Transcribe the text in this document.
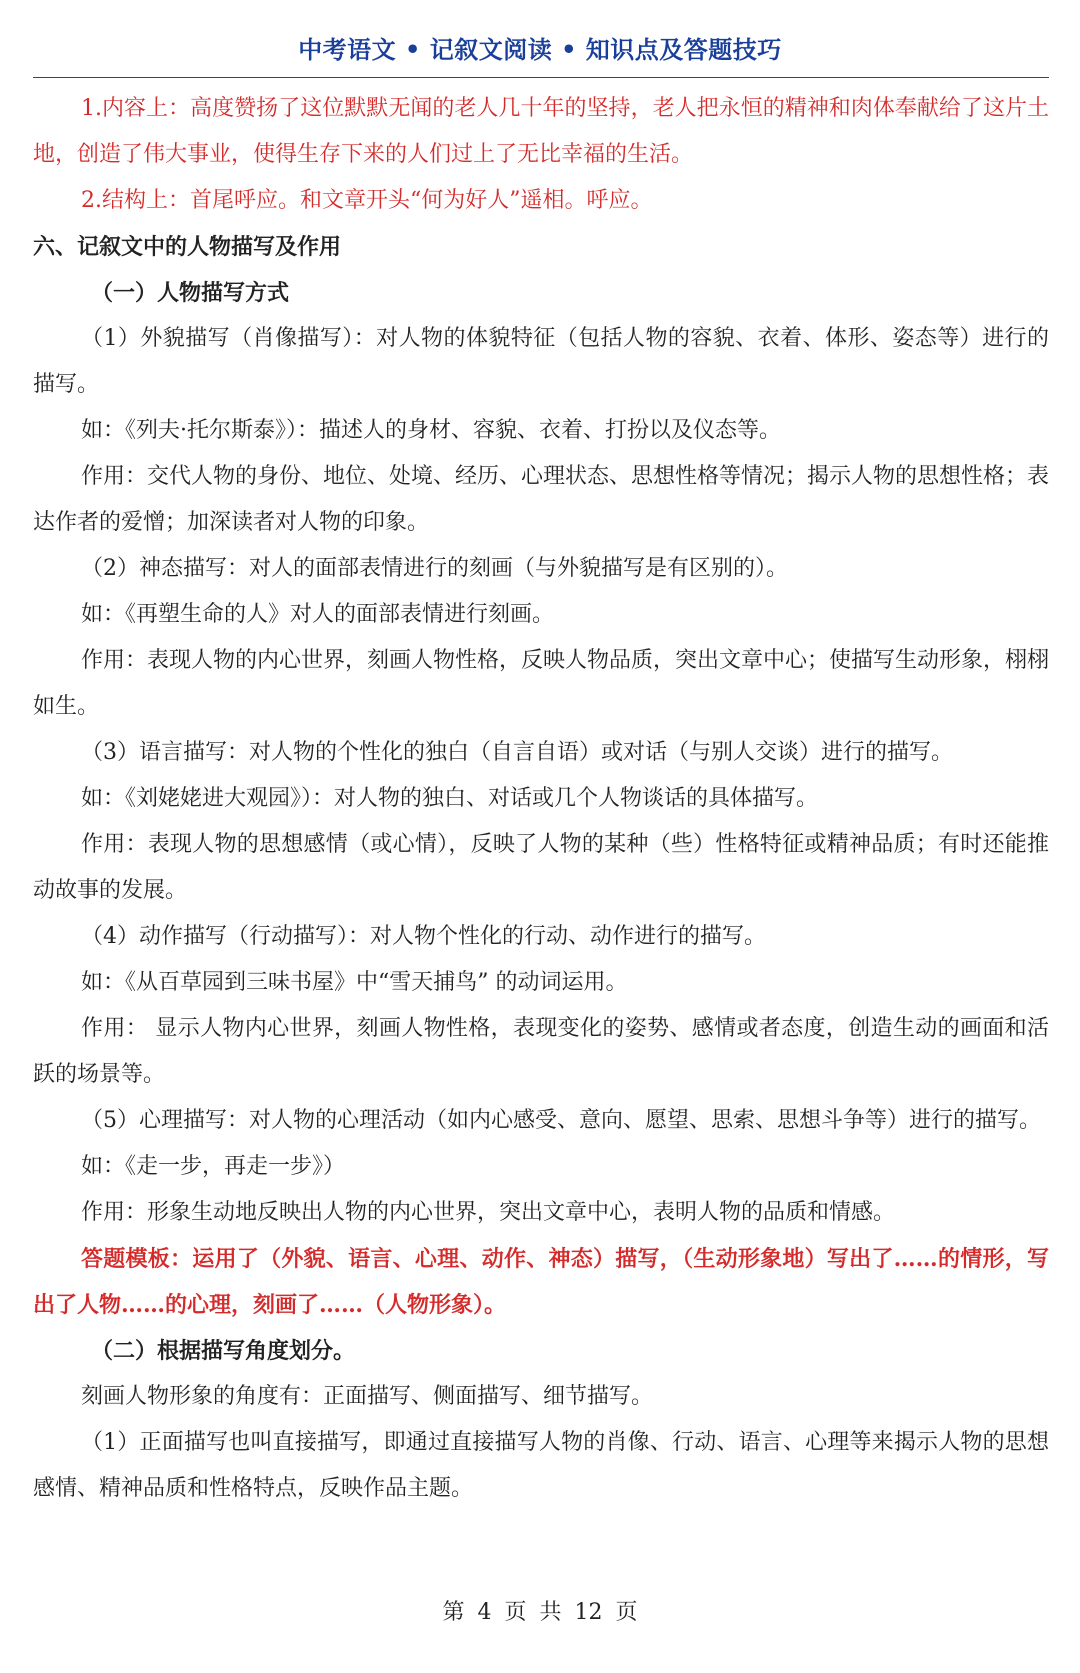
中考语文 • 记叙文阅读 • 知识点及答题技巧

1.内容上：高度赞扬了这位默默无闻的老人几十年的坚持，老人把永恒的精神和肉体奉献给了这片土地，创造了伟大事业，使得生存下来的人们过上了无比幸福的生活。

2.结构上：首尾呼应。和文章开头“何为好人”遥相。呼应。

六、记叙文中的人物描写及作用

（一）人物描写方式

（1）外貌描写（肖像描写）：对人物的体貌特征（包括人物的容貌、衣着、体形、姿态等）进行的描写。

如：《列夫·托尔斯泰》）：描述人的身材、容貌、衣着、打扮以及仪态等。

作用：交代人物的身份、地位、处境、经历、心理状态、思想性格等情况；揭示人物的思想性格；表达作者的爱憎；加深读者对人物的印象。

（2）神态描写：对人的面部表情进行的刻画（与外貌描写是有区别的）。

如：《再塑生命的人》对人的面部表情进行刻画。

作用：表现人物的内心世界，刻画人物性格，反映人物品质，突出文章中心；使描写生动形象，栩栩如生。

（3）语言描写：对人物的个性化的独白（自言自语）或对话（与别人交谈）进行的描写。

如：《刘姥姥进大观园》）：对人物的独白、对话或几个人物谈话的具体描写。

作用：表现人物的思想感情（或心情），反映了人物的某种（些）性格特征或精神品质；有时还能推动故事的发展。

（4）动作描写（行动描写）：对人物个性化的行动、动作进行的描写。

如：《从百草园到三味书屋》中“雪天捕鸟” 的动词运用。

作用： 显示人物内心世界，刻画人物性格，表现变化的姿势、感情或者态度，创造生动的画面和活跃的场景等。

（5）心理描写：对人物的心理活动（如内心感受、意向、愿望、思索、思想斗争等）进行的描写。

如：《走一步，再走一步》）

作用：形象生动地反映出人物的内心世界，突出文章中心，表明人物的品质和情感。

答题模板：运用了（外貌、语言、心理、动作、神态）描写，（生动形象地）写出了……的情形，写出了人物……的心理，刻画了……（人物形象）。

（二）根据描写角度划分。

刻画人物形象的角度有：正面描写、侧面描写、细节描写。

（1）正面描写也叫直接描写，即通过直接描写人物的肖像、行动、语言、心理等来揭示人物的思想感情、精神品质和性格特点，反映作品主题。

第 4 页 共 12 页
